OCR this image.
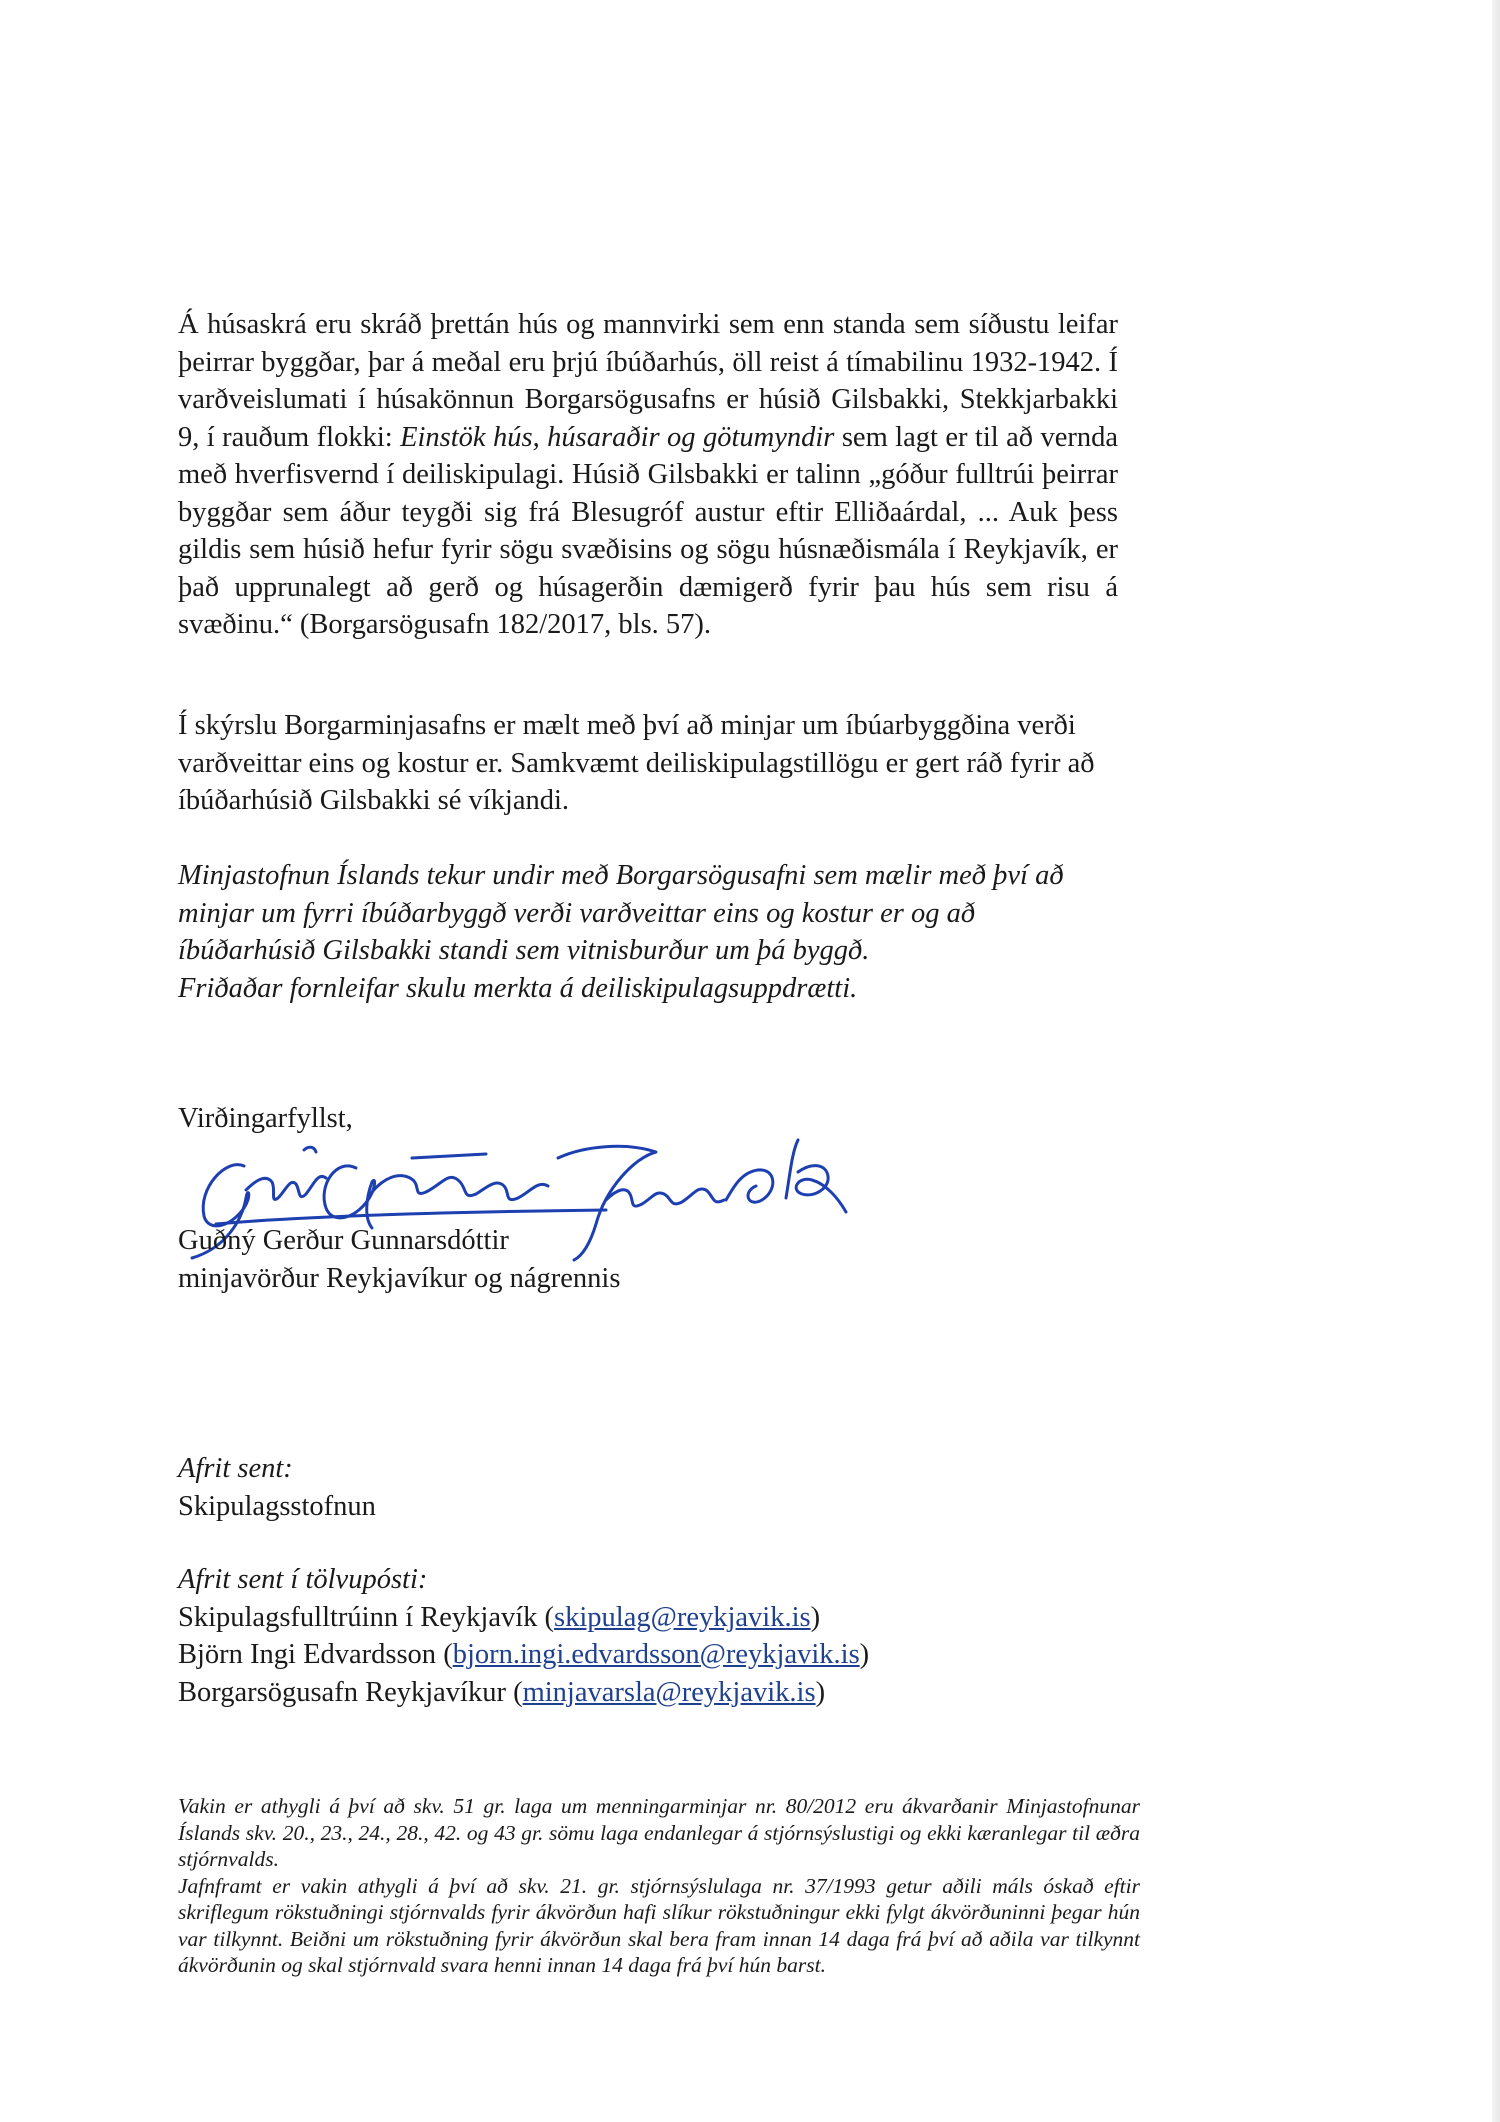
Á húsaskrá eru skráð þrettán hús og mannvirki sem enn standa sem síðustu leifar þeirrar byggðar, þar á meðal eru þrjú íbúðarhús, öll reist á tímabilinu 1932-1942. Í varðveislumati í húsakönnun Borgarsögusafns er húsið Gilsbakki, Stekkjarbakki 9, í rauðum flokki: Einstök hús, húsaraðir og götumyndir sem lagt er til að vernda með hverfisvernd í deiliskipulagi. Húsið Gilsbakki er talinn „góður fulltrúi þeirrar byggðar sem áður teygði sig frá Blesugróf austur eftir Elliðaárdal, ... Auk þess gildis sem húsið hefur fyrir sögu svæðisins og sögu húsnæðismála í Reykjavík, er það upprunalegt að gerð og húsagerðin dæmigerð fyrir þau hús sem risu á svæðinu.“ (Borgarsögusafn 182/2017, bls. 57).

Í skýrslu Borgarminjasafns er mælt með því að minjar um íbúarbyggðina verði varðveittar eins og kostur er. Samkvæmt deiliskipulagstillögu er gert ráð fyrir að íbúðarhúsið Gilsbakki sé víkjandi.

Minjastofnun Íslands tekur undir með Borgarsögusafni sem mælir með því að
minjar um fyrri íbúðarbyggð verði varðveittar eins og kostur er og að
íbúðarhúsið Gilsbakki standi sem vitnisburður um þá byggð.
Friðaðar fornleifar skulu merkta á deiliskipulagsuppdrætti.
Virðingarfyllst,
Guðný Gerður Gunnarsdóttir
minjavörður Reykjavíkur og nágrennis
Afrit sent:
Skipulagsstofnun
Afrit sent í tölvupósti:
Skipulagsfulltrúinn í Reykjavík (skipulag@reykjavik.is)
Björn Ingi Edvardsson (bjorn.ingi.edvardsson@reykjavik.is)
Borgarsögusafn Reykjavíkur (minjavarsla@reykjavik.is)

Vakin er athygli á því að skv. 51 gr. laga um menningarminjar nr. 80/2012 eru ákvarðanir Minjastofnunar Íslands skv. 20., 23., 24., 28., 42. og 43 gr. sömu laga endanlegar á stjórnsýslustigi og ekki kæranlegar til æðra stjórnvalds.

Jafnframt er vakin athygli á því að skv. 21. gr. stjórnsýslulaga nr. 37/1993 getur aðili máls óskað eftir skriflegum rökstuðningi stjórnvalds fyrir ákvörðun hafi slíkur rökstuðningur ekki fylgt ákvörðuninni þegar hún var tilkynnt. Beiðni um rökstuðning fyrir ákvörðun skal bera fram innan 14 daga frá því að aðila var tilkynnt ákvörðunin og skal stjórnvald svara henni innan 14 daga frá því hún barst.
